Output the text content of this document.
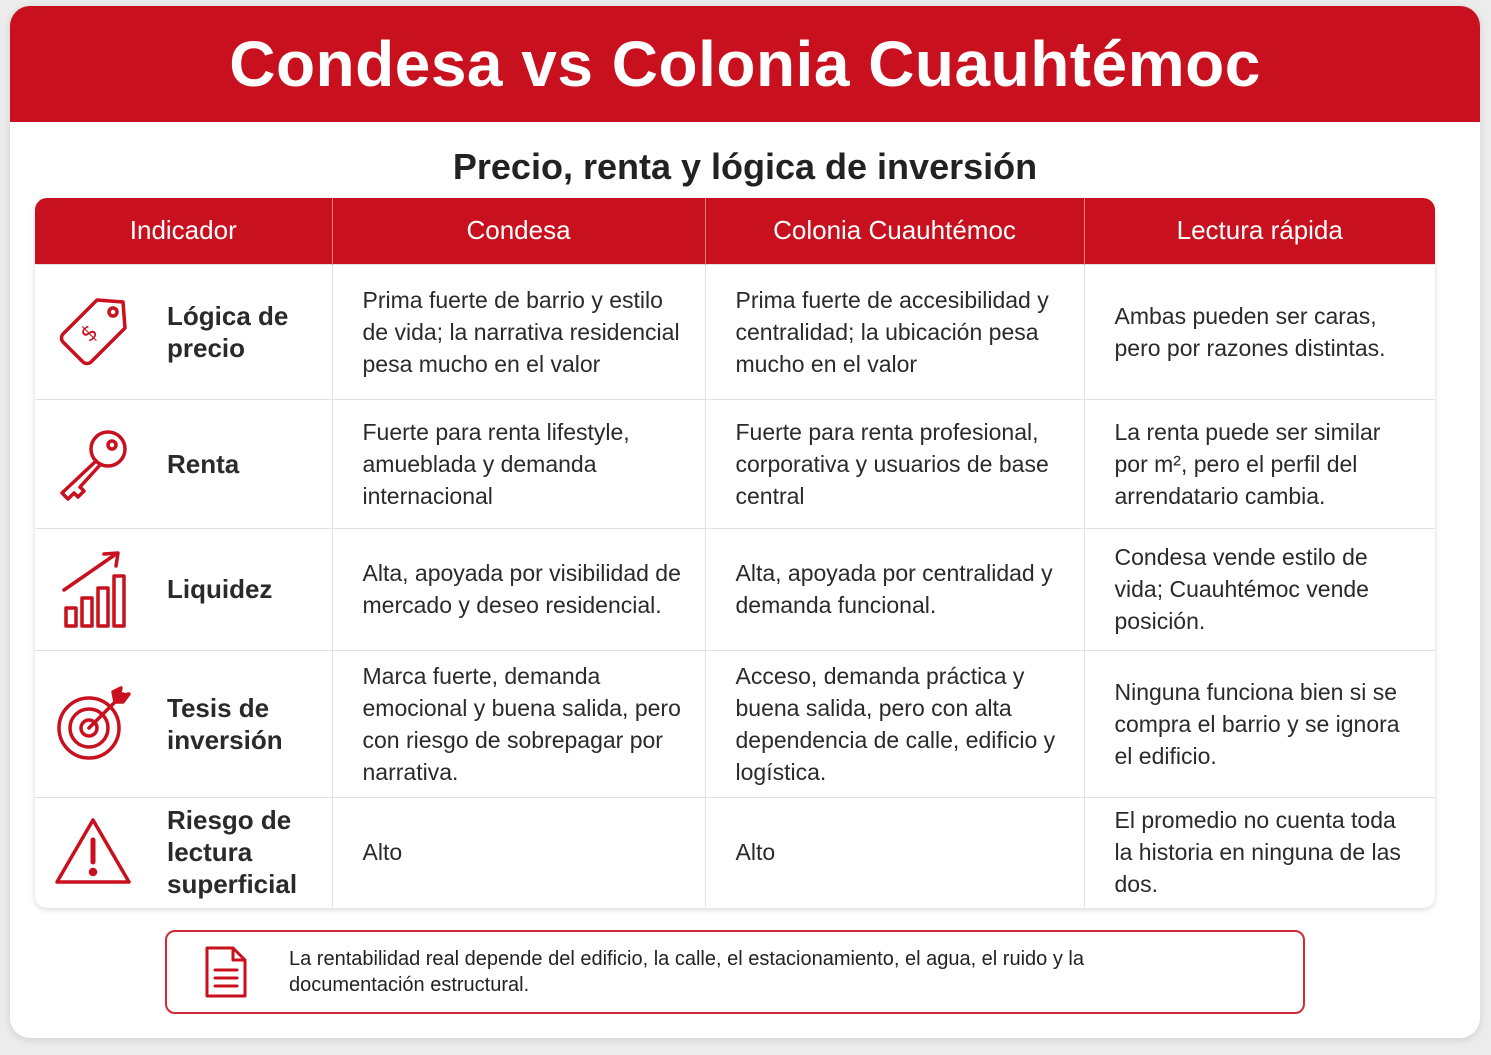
Condesa vs Colonia Cuauhtémoc
Precio, renta y lógica de inversión
Indicador	Condesa	Colonia Cuauhtémoc	Lectura rápida

$
Lógica de precio	Prima fuerte de barrio y estilo de vida; la narrativa residencial pesa mucho en el valor	Prima fuerte de accesibilidad y centralidad; la ubicación pesa mucho en el valor	Ambas pueden ser caras, pero por razones distintas.

Renta	Fuerte para renta lifestyle, amueblada y demanda internacional	Fuerte para renta profesional, corporativa y usuarios de base central	La renta puede ser similar por m², pero el perfil del arrendatario cambia.

Liquidez	Alta, apoyada por visibilidad de mercado y deseo residencial.	Alta, apoyada por centralidad y demanda funcional.	Condesa vende estilo de vida; Cuauhtémoc vende posición.

Tesis de inversión	Marca fuerte, demanda emocional y buena salida, pero con riesgo de sobrepagar por narrativa.	Acceso, demanda práctica y buena salida, pero con alta dependencia de calle, edificio y logística.	Ninguna funciona bien si se compra el barrio y se ignora el edificio.

Riesgo de lectura superficial	Alto	Alto	El promedio no cuenta toda la historia en ninguna de las dos.
La rentabilidad real depende del edificio, la calle, el estacionamiento, el agua, el ruido y la documentación estructural.
